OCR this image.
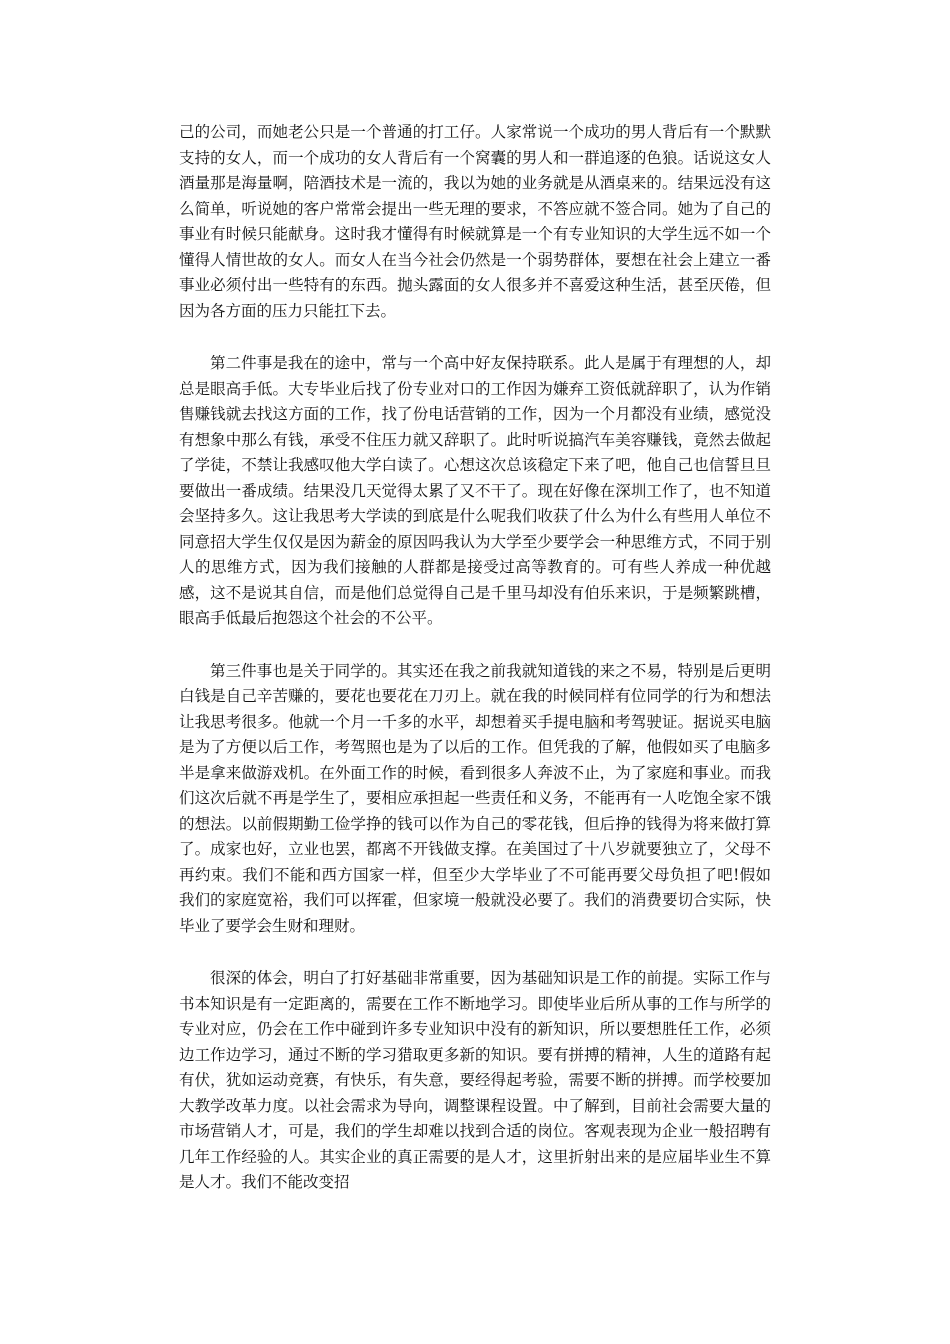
己的公司，而她老公只是一个普通的打工仔。人家常说一个成功的男人背后有一个默默支持的女人，而一个成功的女人背后有一个窝囊的男人和一群追逐的色狼。话说这女人酒量那是海量啊，陪酒技术是一流的，我以为她的业务就是从酒桌来的。结果远没有这么简单，听说她的客户常常会提出一些无理的要求，不答应就不签合同。她为了自己的事业有时候只能献身。这时我才懂得有时候就算是一个有专业知识的大学生远不如一个懂得人情世故的女人。而女人在当今社会仍然是一个弱势群体，要想在社会上建立一番事业必须付出一些特有的东西。抛头露面的女人很多并不喜爱这种生活，甚至厌倦，但因为各方面的压力只能扛下去。

第二件事是我在的途中，常与一个高中好友保持联系。此人是属于有理想的人，却总是眼高手低。大专毕业后找了份专业对口的工作因为嫌弃工资低就辞职了，认为作销售赚钱就去找这方面的工作，找了份电话营销的工作，因为一个月都没有业绩，感觉没有想象中那么有钱，承受不住压力就又辞职了。此时听说搞汽车美容赚钱，竟然去做起了学徒，不禁让我感叹他大学白读了。心想这次总该稳定下来了吧，他自己也信誓旦旦要做出一番成绩。结果没几天觉得太累了又不干了。现在好像在深圳工作了，也不知道会坚持多久。这让我思考大学读的到底是什么呢我们收获了什么为什么有些用人单位不同意招大学生仅仅是因为薪金的原因吗我认为大学至少要学会一种思维方式，不同于别人的思维方式，因为我们接触的人群都是接受过高等教育的。可有些人养成一种优越感，这不是说其自信，而是他们总觉得自己是千里马却没有伯乐来识，于是频繁跳槽，眼高手低最后抱怨这个社会的不公平。

第三件事也是关于同学的。其实还在我之前我就知道钱的来之不易，特别是后更明白钱是自己辛苦赚的，要花也要花在刀刃上。就在我的时候同样有位同学的行为和想法让我思考很多。他就一个月一千多的水平，却想着买手提电脑和考驾驶证。据说买电脑是为了方便以后工作，考驾照也是为了以后的工作。但凭我的了解，他假如买了电脑多半是拿来做游戏机。在外面工作的时候，看到很多人奔波不止，为了家庭和事业。而我们这次后就不再是学生了，要相应承担起一些责任和义务，不能再有一人吃饱全家不饿的想法。以前假期勤工俭学挣的钱可以作为自己的零花钱，但后挣的钱得为将来做打算了。成家也好，立业也罢，都离不开钱做支撑。在美国过了十八岁就要独立了，父母不再约束。我们不能和西方国家一样，但至少大学毕业了不可能再要父母负担了吧!假如我们的家庭宽裕，我们可以挥霍，但家境一般就没必要了。我们的消费要切合实际，快毕业了要学会生财和理财。

很深的体会，明白了打好基础非常重要，因为基础知识是工作的前提。实际工作与书本知识是有一定距离的，需要在工作不断地学习。即使毕业后所从事的工作与所学的专业对应，仍会在工作中碰到许多专业知识中没有的新知识，所以要想胜任工作，必须边工作边学习，通过不断的学习猎取更多新的知识。要有拼搏的精神，人生的道路有起有伏，犹如运动竞赛，有快乐，有失意，要经得起考验，需要不断的拼搏。而学校要加大教学改革力度。以社会需求为导向，调整课程设置。中了解到，目前社会需要大量的市场营销人才，可是，我们的学生却难以找到合适的岗位。客观表现为企业一般招聘有几年工作经验的人。其实企业的真正需要的是人才，这里折射出来的是应届毕业生不算是人才。我们不能改变招
